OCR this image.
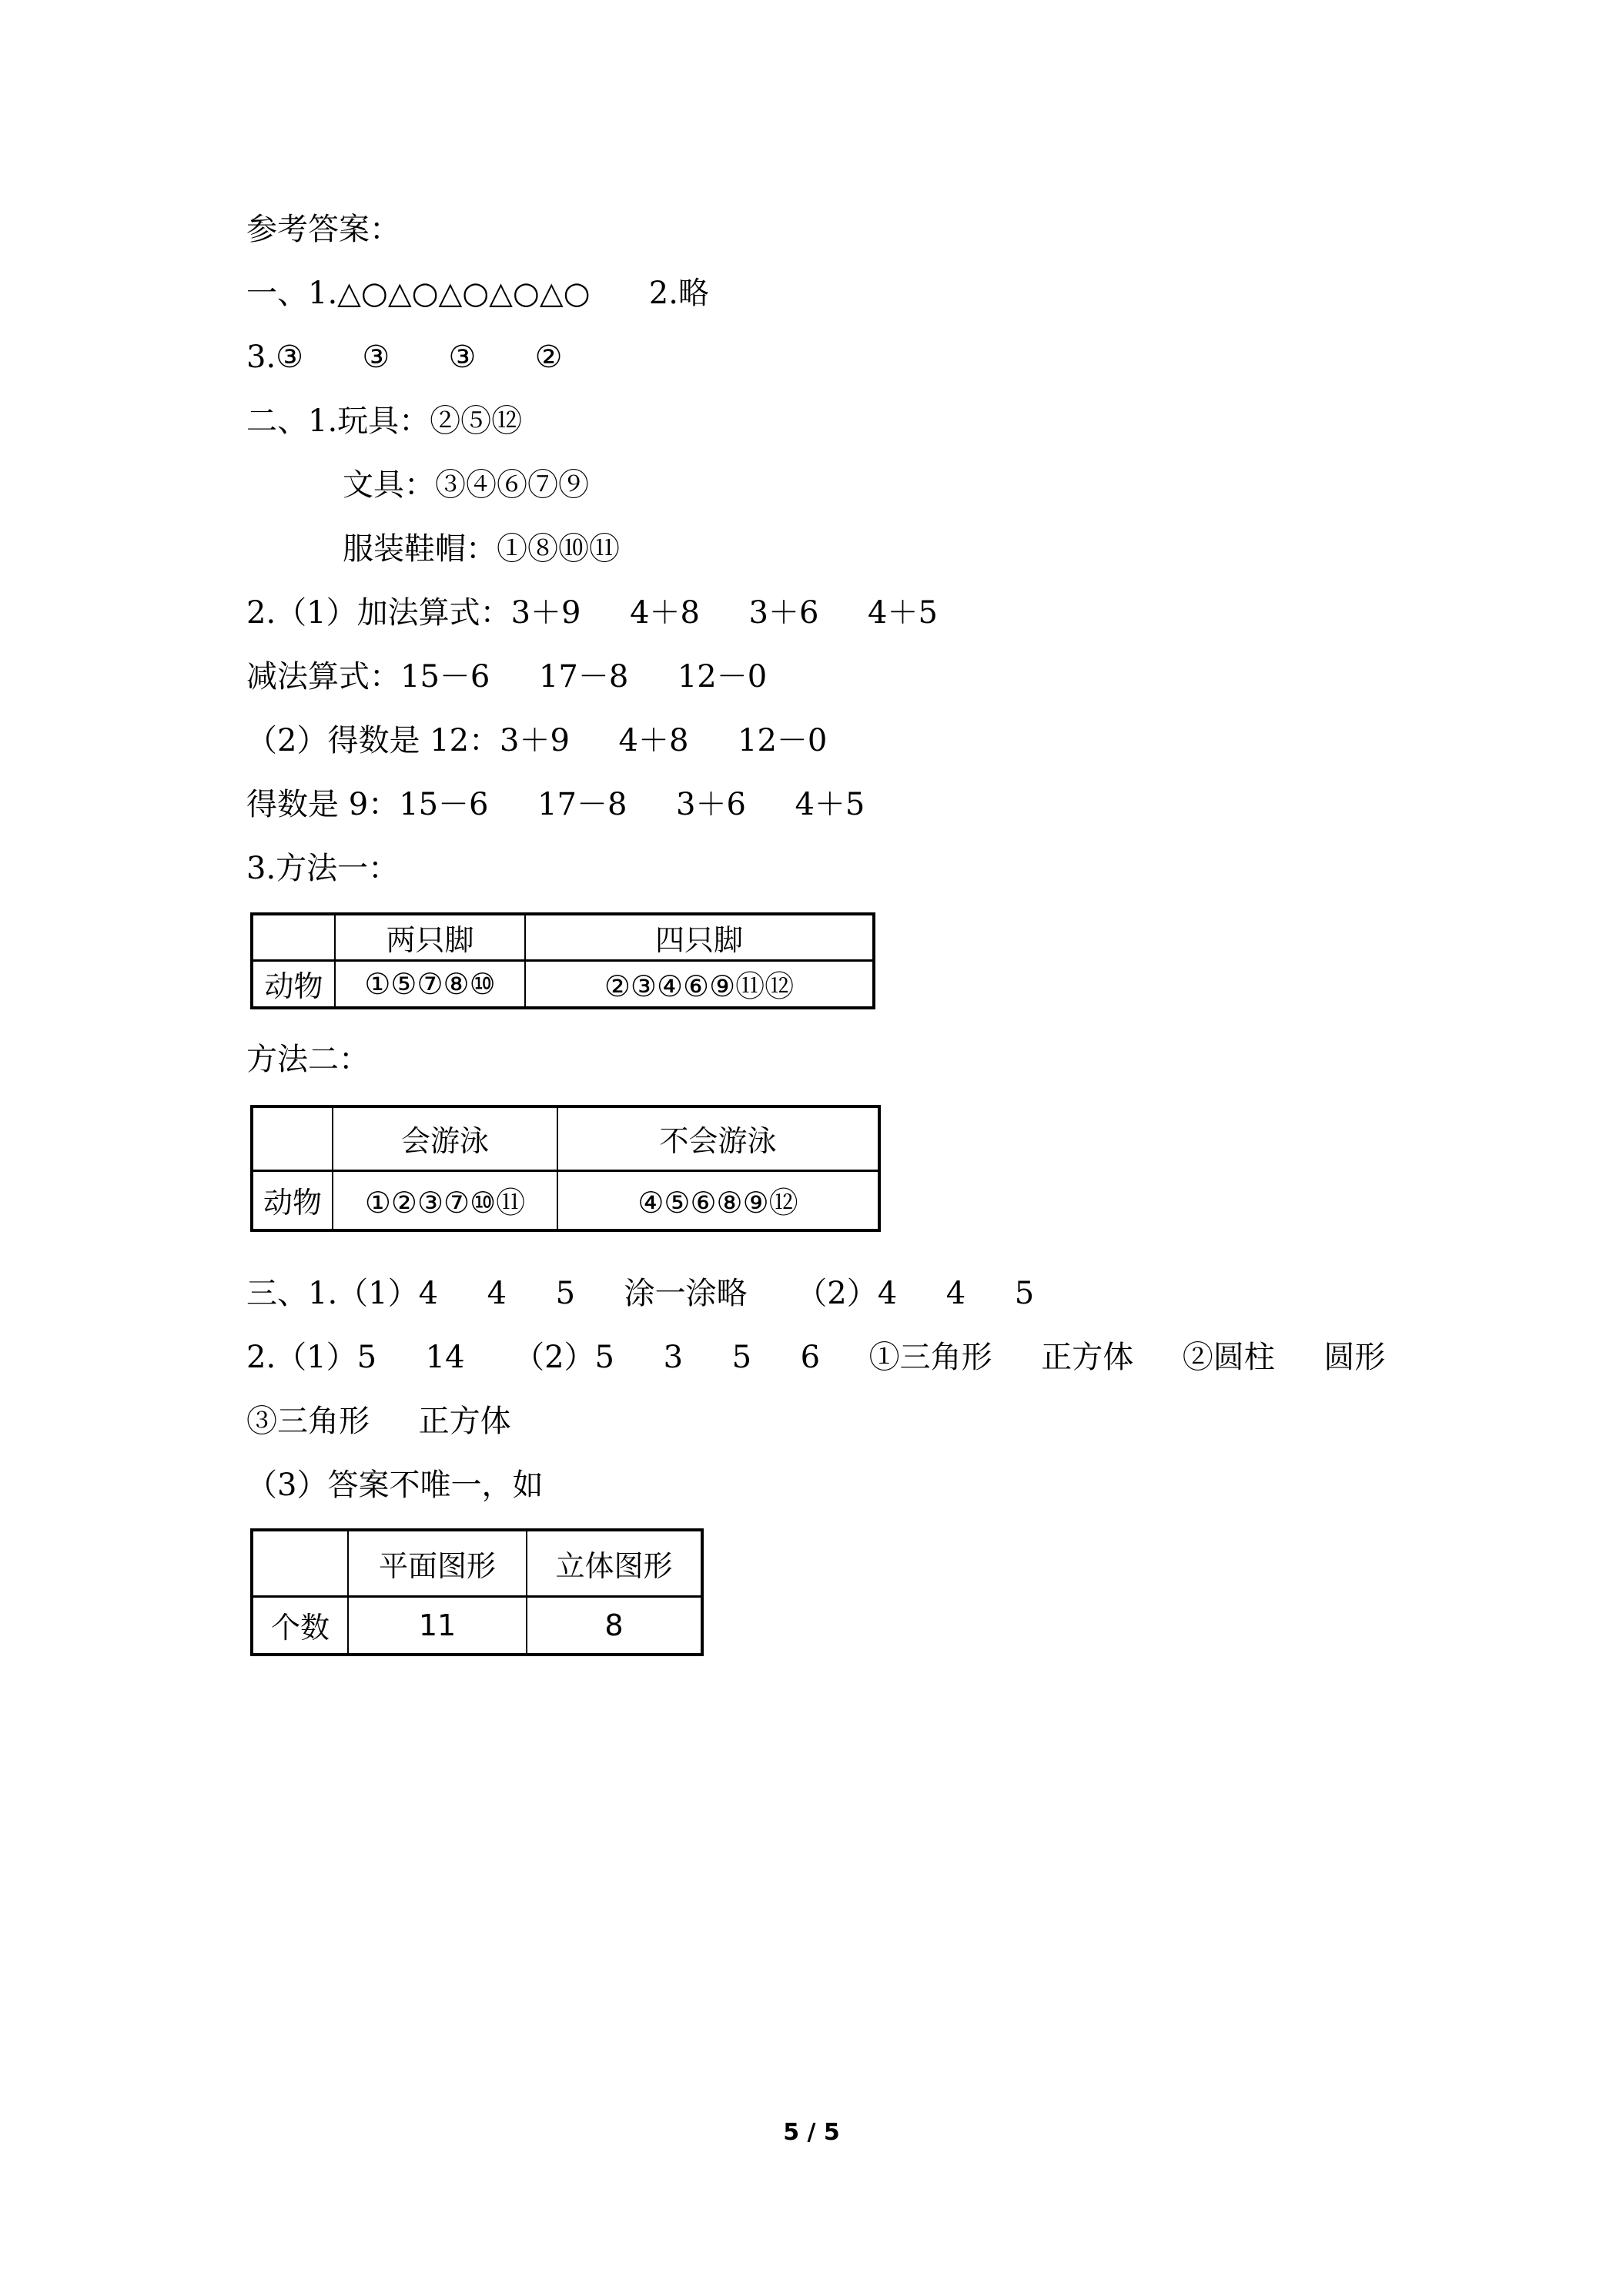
参考答案：
一、1.△○△○△○△○△○      2.略
3.③      ③      ③      ②
二、1.玩具：②⑤⑫
文具：③④⑥⑦⑨
服装鞋帽：①⑧⑩⑪
2.（1）加法算式：3＋9     4＋8     3＋6     4＋5
减法算式：15－6     17－8     12－0
（2）得数是 12：3＋9     4＋8     12－0
得数是 9：15－6     17－8     3＋6     4＋5
3.方法一：
	两只脚	四只脚
动物	①⑤⑦⑧⑩	②③④⑥⑨⑪⑫
方法二：
	会游泳	不会游泳
动物	①②③⑦⑩⑪	④⑤⑥⑧⑨⑫
三、1.（1）4     4     5     涂一涂略     （2）4     4     5
2.（1）5     14     （2）5     3     5     6     ①三角形     正方体     ②圆柱     圆形
③三角形     正方体
（3）答案不唯一，如
	平面图形	立体图形
个数	11	8
5 / 5
